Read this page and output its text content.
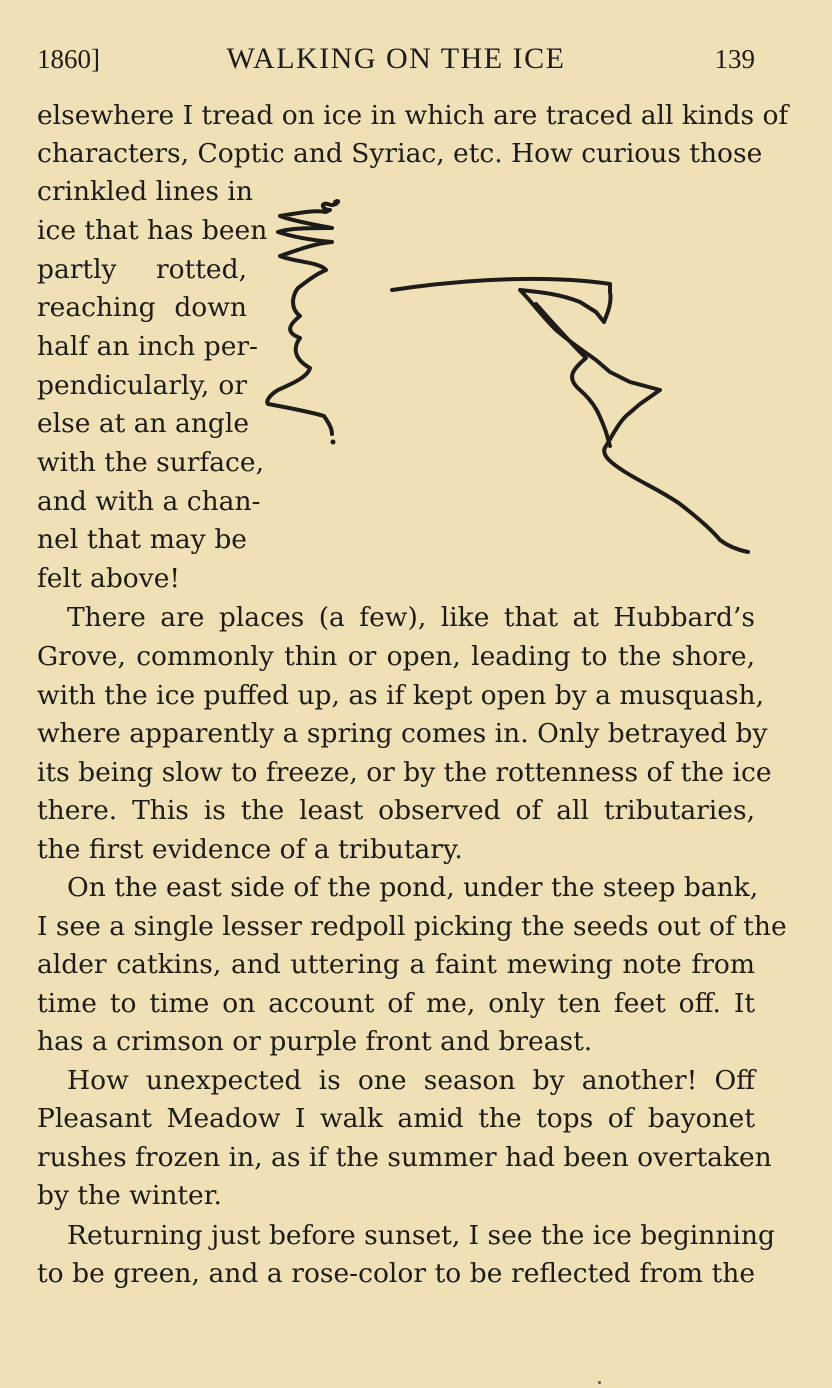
1860]	WALKING ON THE ICE	139
elsewhere I tread on ice in which are traced all kinds of
characters, Coptic and Syriac, etc. How curious those
crinkled lines in
ice that has been
partly rotted,
reaching down
half an inch per-
pendicularly, or
else at an angle
with the surface,
and with a chan-
nel that may be
felt above!
There are places (a few), like that at Hubbard’s
Grove, commonly thin or open, leading to the shore,
with the ice puffed up, as if kept open by a musquash,
where apparently a spring comes in. Only betrayed by
its being slow to freeze, or by the rottenness of the ice
there. This is the least observed of all tributaries,
the first evidence of a tributary.
On the east side of the pond, under the steep bank,
I see a single lesser redpoll picking the seeds out of the
alder catkins, and uttering a faint mewing note from
time to time on account of me, only ten feet off. It
has a crimson or purple front and breast.
How unexpected is one season by another! Off
Pleasant Meadow I walk amid the tops of bayonet
rushes frozen in, as if the summer had been overtaken
by the winter.
Returning just before sunset, I see the ice beginning
to be green, and a rose-color to be reflected from the
